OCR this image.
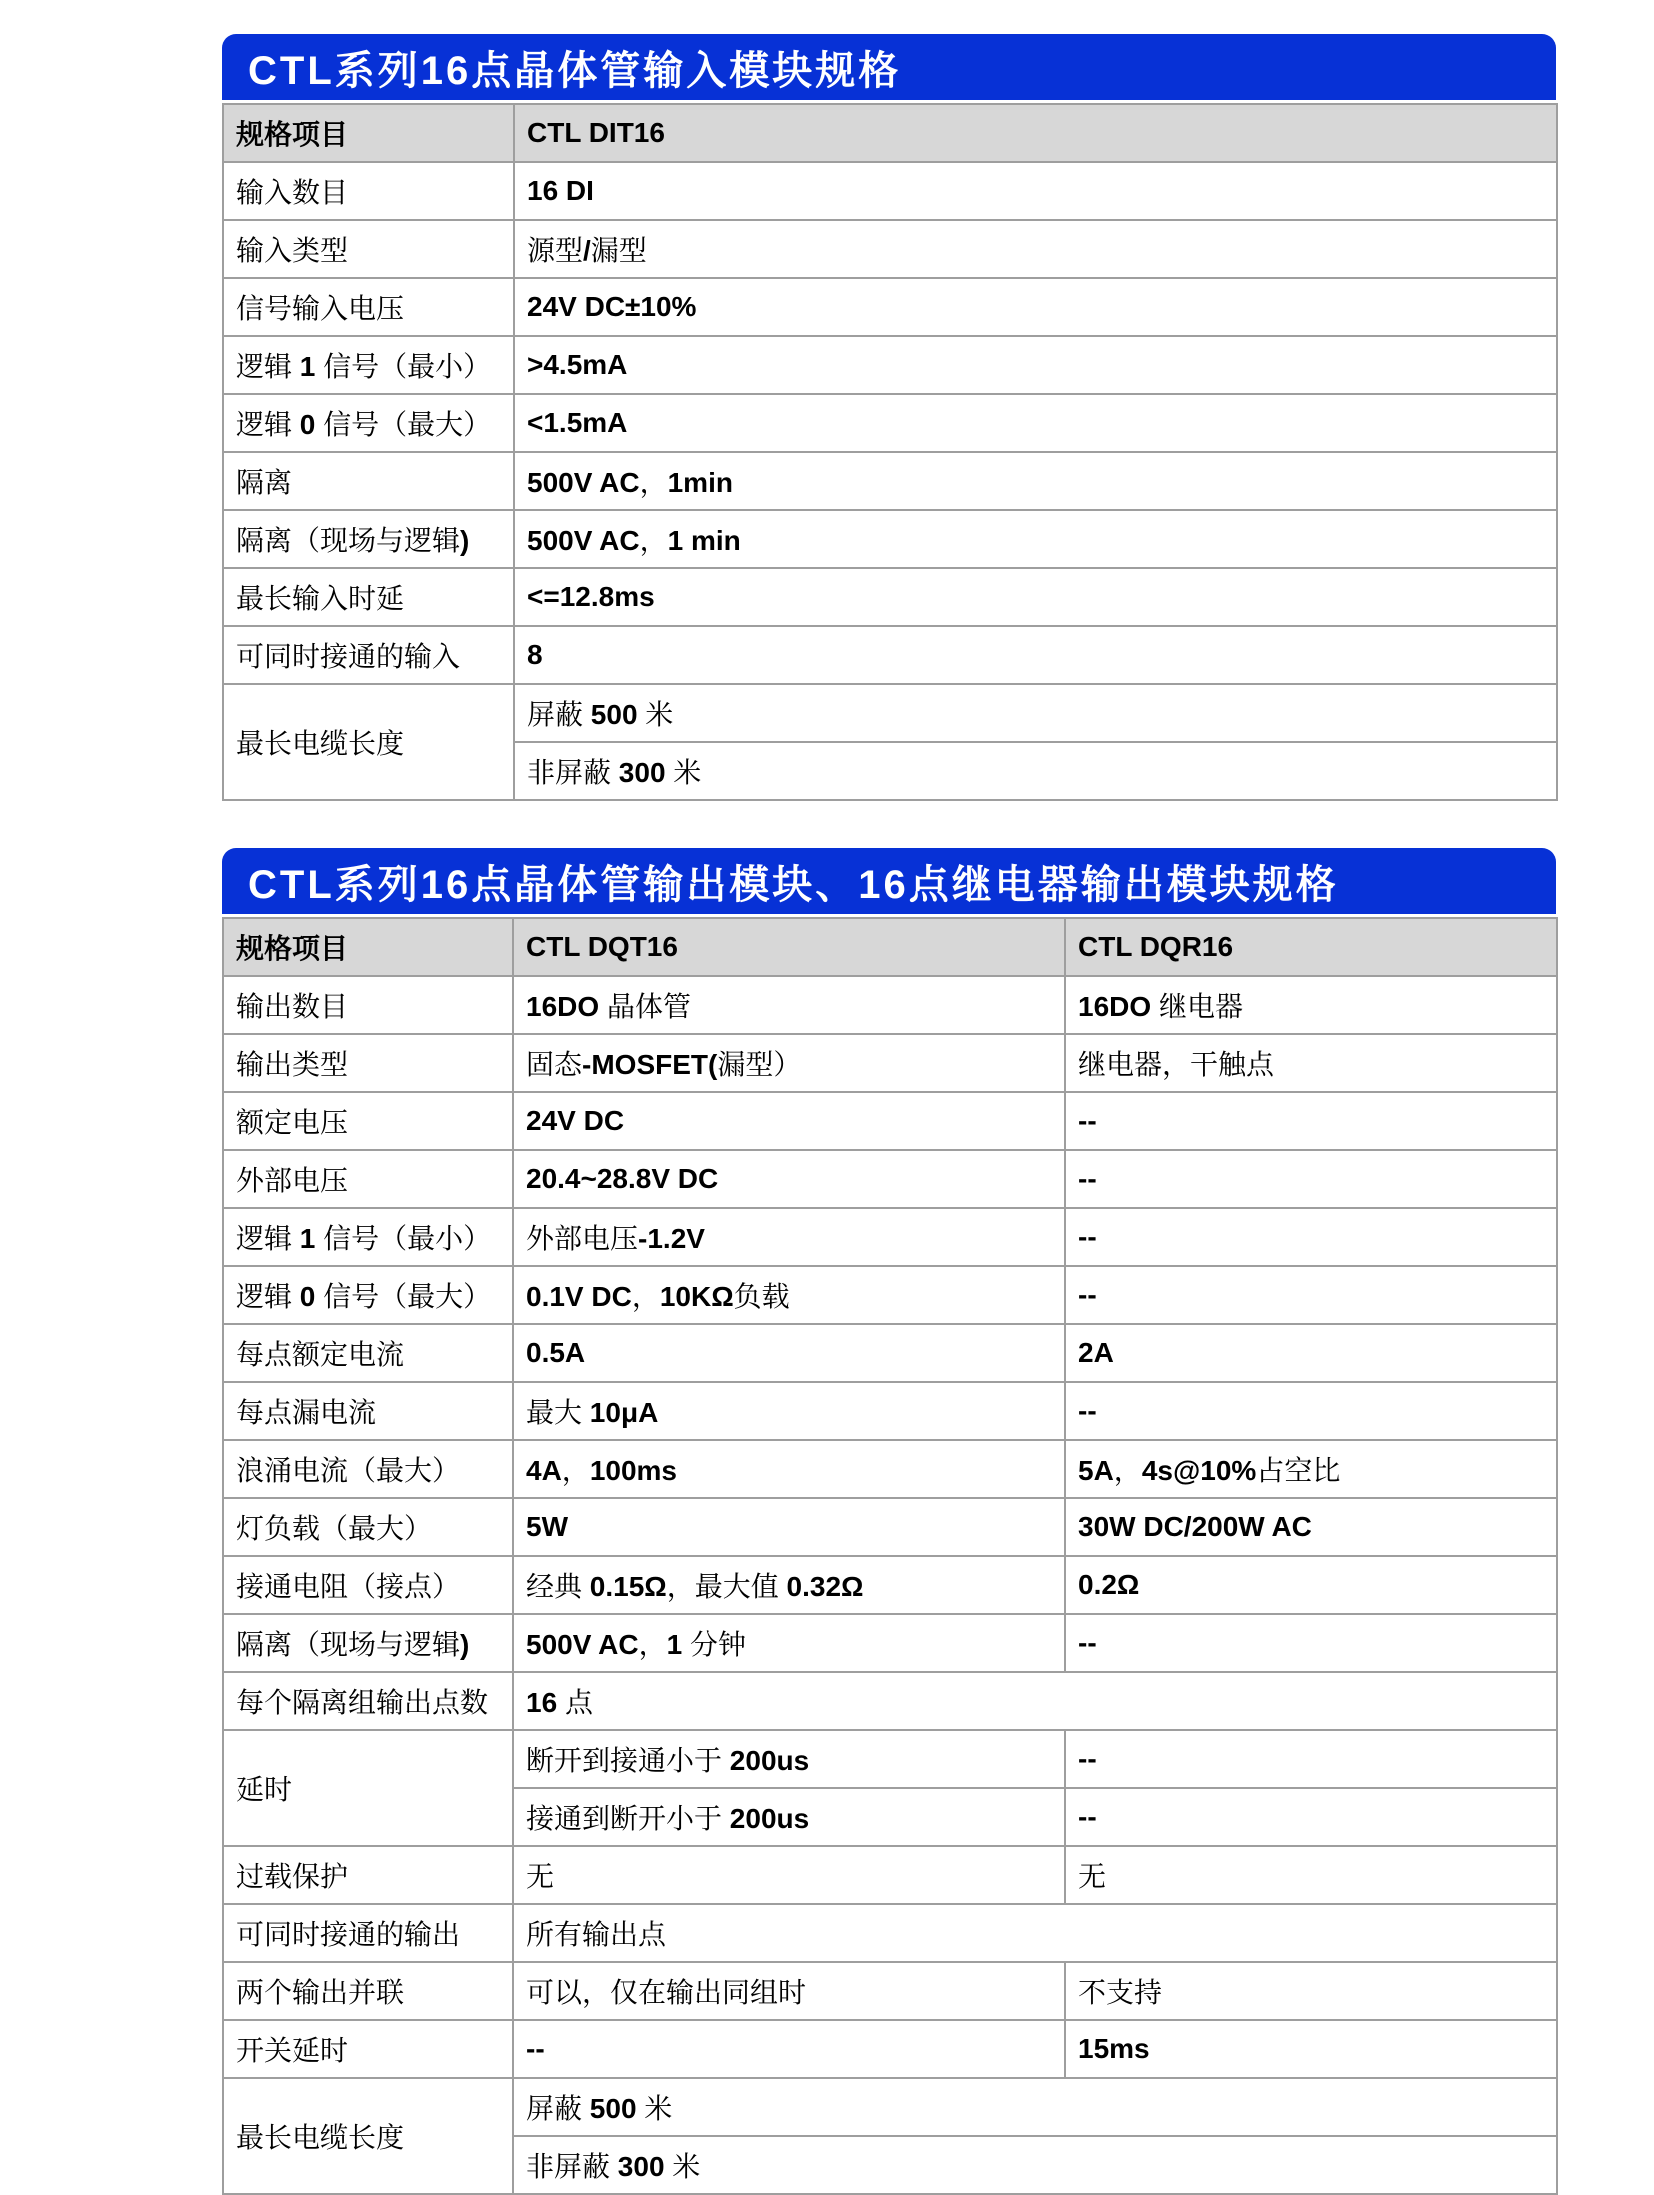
CTL系列16点晶体管输入模块规格
规格项目	CTL DIT16
输入数目	16 DI
输入类型	源型/漏型
信号输入电压	24V DC±10%
逻辑 1 信号（最小）	>4.5mA
逻辑 0 信号（最大）	<1.5mA
隔离	500V AC，1min
隔离（现场与逻辑)	500V AC，1 min
最长输入时延	<=12.8ms
可同时接通的输入	8
最长电缆长度	屏蔽 500 米
	非屏蔽 300 米
CTL系列16点晶体管输出模块、16点继电器输出模块规格
规格项目	CTL DQT16	CTL DQR16
输出数目	16DO 晶体管	16DO 继电器
输出类型	固态-MOSFET(漏型）	继电器，干触点
额定电压	24V DC	--
外部电压	20.4~28.8V DC	--
逻辑 1 信号（最小）	外部电压-1.2V	--
逻辑 0 信号（最大）	0.1V DC，10KΩ负载	--
每点额定电流	0.5A	2A
每点漏电流	最大 10μA	--
浪涌电流（最大）	4A，100ms	5A，4s@10%占空比
灯负载（最大）	5W	30W DC/200W AC
接通电阻（接点）	经典 0.15Ω，最大值 0.32Ω	0.2Ω
隔离（现场与逻辑)	500V AC，1 分钟	--
每个隔离组输出点数	16 点	
延时	断开到接通小于 200us	--
	接通到断开小于 200us	--
过载保护	无	无
可同时接通的输出	所有输出点	
两个输出并联	可以，仅在输出同组时	不支持
开关延时	--	15ms
最长电缆长度	屏蔽 500 米	
	非屏蔽 300 米	
